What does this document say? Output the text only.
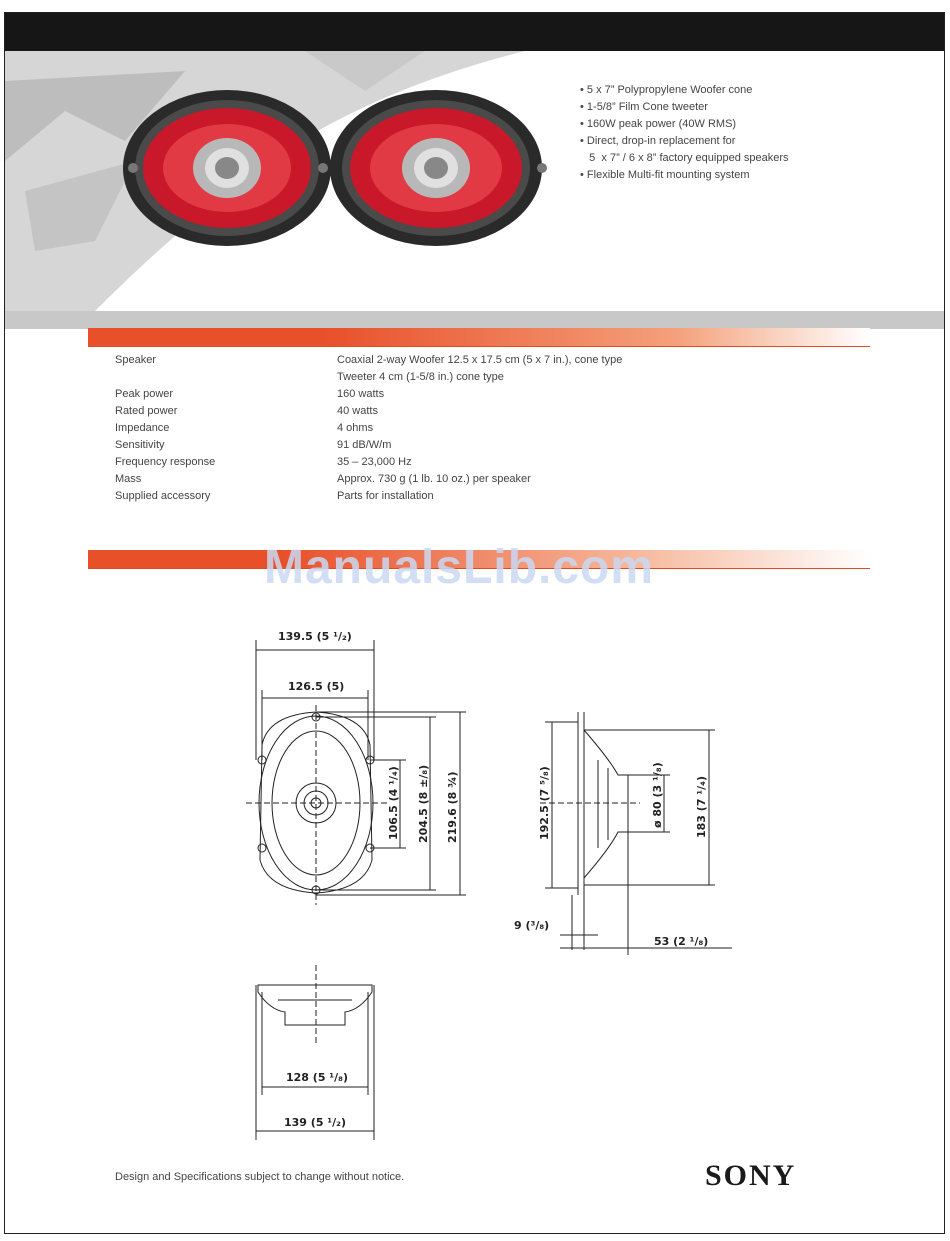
• 5 x 7” Polypropylene Woofer cone
• 1-5/8” Film Cone tweeter
• 160W peak power (40W RMS)
• Direct, drop-in replacement for
5  x 7” / 6 x 8” factory equipped speakers
• Flexible Multi-fit mounting system
Speaker	Coaxial 2-way Woofer 12.5 x 17.5 cm (5 x 7 in.), cone type
Tweeter 4 cm (1-5/8 in.) cone type
Peak power	160 watts
Rated power	40 watts
Impedance	4 ohms
Sensitivity	91 dB/W/m
Frequency response	35 – 23,000 Hz
Mass	Approx. 730 g (1 lb. 10 oz.) per speaker
Supplied accessory	Parts for installation
ManualsLib.com
139.5 (5 ¹/₂)
126.5 (5)
106.5 (4 ¹/₄) 204.5 (8 ±/₈) 219.6 (8 ¾)	192.5 (7 ⁵/₈)	ø 80 (3 ¹/₈)	183 (7 ¹/₄)
9 (³/₈)
53 (2 ¹/₈)
128 (5 ¹/₈)
139 (5 ¹/₂)
Design and Specifications subject to change without notice.	SONY
